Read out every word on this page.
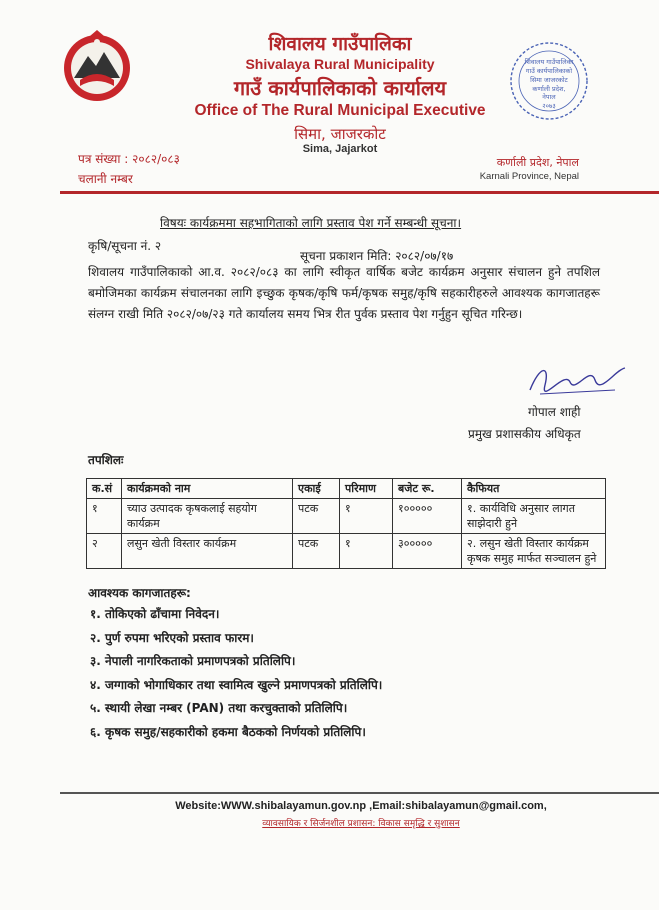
शिवालय गाउँपालिका
Shivalaya Rural Municipality
गाउँ कार्यपालिकाको कार्यालय
Office of The Rural Municipal Executive
सिमा, जाजरकोट
Sima, Jajarkot
शिवालय गाउँपालिका
गाउँ कार्यपालिकाको
सिमा जाजरकोट
कर्णाली प्रदेश,
नेपाल
२०७३
पत्र संख्या : २०८२/०८३
चलानी नम्बर
कर्णाली प्रदेश, नेपाल
Karnali Province, Nepal
विषयः कार्यक्रममा सहभागिताको लागि प्रस्ताव पेश गर्ने सम्बन्धी सूचना।
कृषि/सूचना नं. २
सूचना प्रकाशन मिति: २०८२/०७/१७
शिवालय गाउँपालिकाको आ.व. २०८२/०८३ का लागि स्वीकृत वार्षिक बजेट कार्यक्रम अनुसार संचालन हुने तपशिल बमोजिमका कार्यक्रम संचालनका लागि इच्छुक कृषक/कृषि फर्म/कृषक समुह/कृषि सहकारीहरुले आवश्यक कागजातहरू संलग्न राखी मिति २०८२/०७/२३ गते कार्यालय समय भित्र रीत पुर्वक प्रस्ताव पेश गर्नुहुन सूचित गरिन्छ।
गोपाल शाही
प्रमुख प्रशासकीय अधिकृत
तपशिलः
क.सं	कार्यक्रमको नाम	एकाई	परिमाण	बजेट रू.	कैफियत
१	च्याउ उत्पादक कृषकलाई सहयोग कार्यक्रम	पटक	१	१०००००	१. कार्यविधि अनुसार लागत साझेदारी हुने
२	लसुन खेती विस्तार कार्यक्रम	पटक	१	३०००००	२. लसुन खेती विस्तार कार्यक्रम कृषक समुह मार्फत सञ्चालन हुने
आवश्यक कागजातहरू:
१. तोकिएको ढाँचामा निवेदन।
२. पुर्ण रुपमा भरिएको प्रस्ताव फारम।
३. नेपाली नागरिकताको प्रमाणपत्रको प्रतिलिपि।
४. जग्गाको भोगाधिकार तथा स्वामित्व खुल्ने प्रमाणपत्रको प्रतिलिपि।
५. स्थायी लेखा नम्बर (PAN) तथा करचुक्ताको प्रतिलिपि।
६. कृषक समुह/सहकारीको हकमा बैठकको निर्णयको प्रतिलिपि।
Website:WWW.shibalayamun.gov.np ,Email:shibalayamun@gmail.com,
व्यावसायिक र सिर्जनशील प्रशासन: विकास समृद्धि र सुशासन
